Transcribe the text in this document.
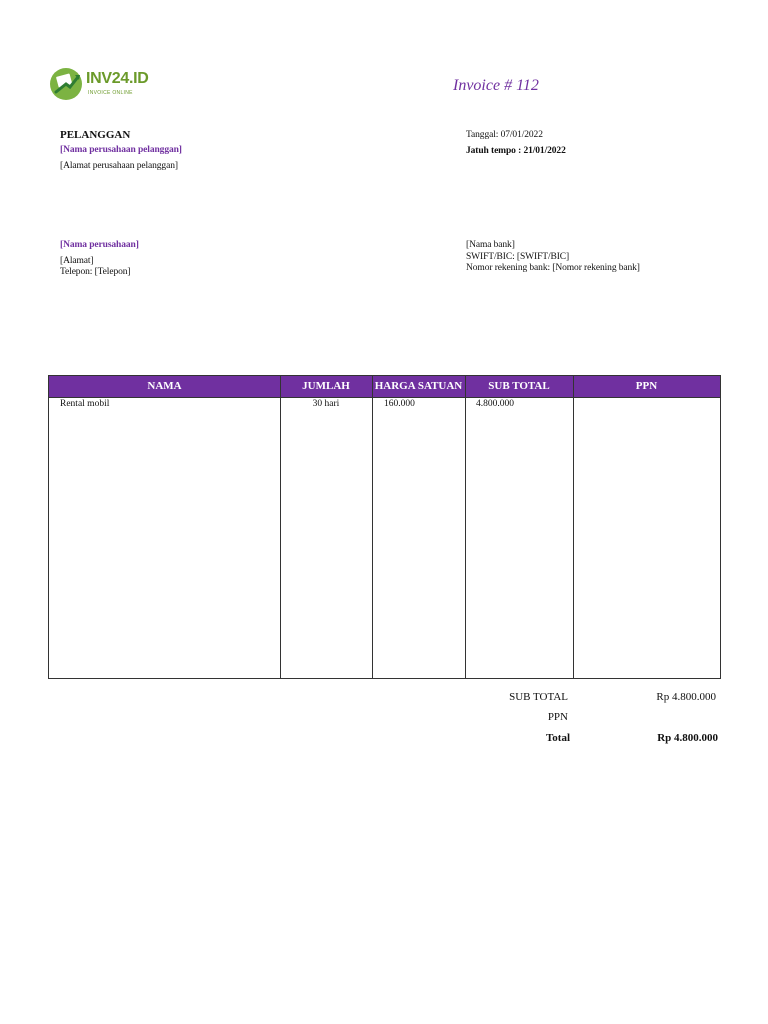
INV24.ID
INVOICE ONLINE	Invoice # 112
PELANGGAN
[Nama perusahaan pelanggan]
[Alamat perusahaan pelanggan]
Tanggal: 07/01/2022
Jatuh tempo : 21/01/2022
[Nama perusahaan]
[Alamat]
Telepon: [Telepon]
[Nama bank]
SWIFT/BIC: [SWIFT/BIC]
Nomor rekening bank: [Nomor rekening bank]
NAMA	JUMLAH	HARGA SATUAN	SUB TOTAL	PPN
Rental mobil	30 hari	160.000	4.800.000
SUB TOTAL	Rp 4.800.000
PPN
Total	Rp 4.800.000
